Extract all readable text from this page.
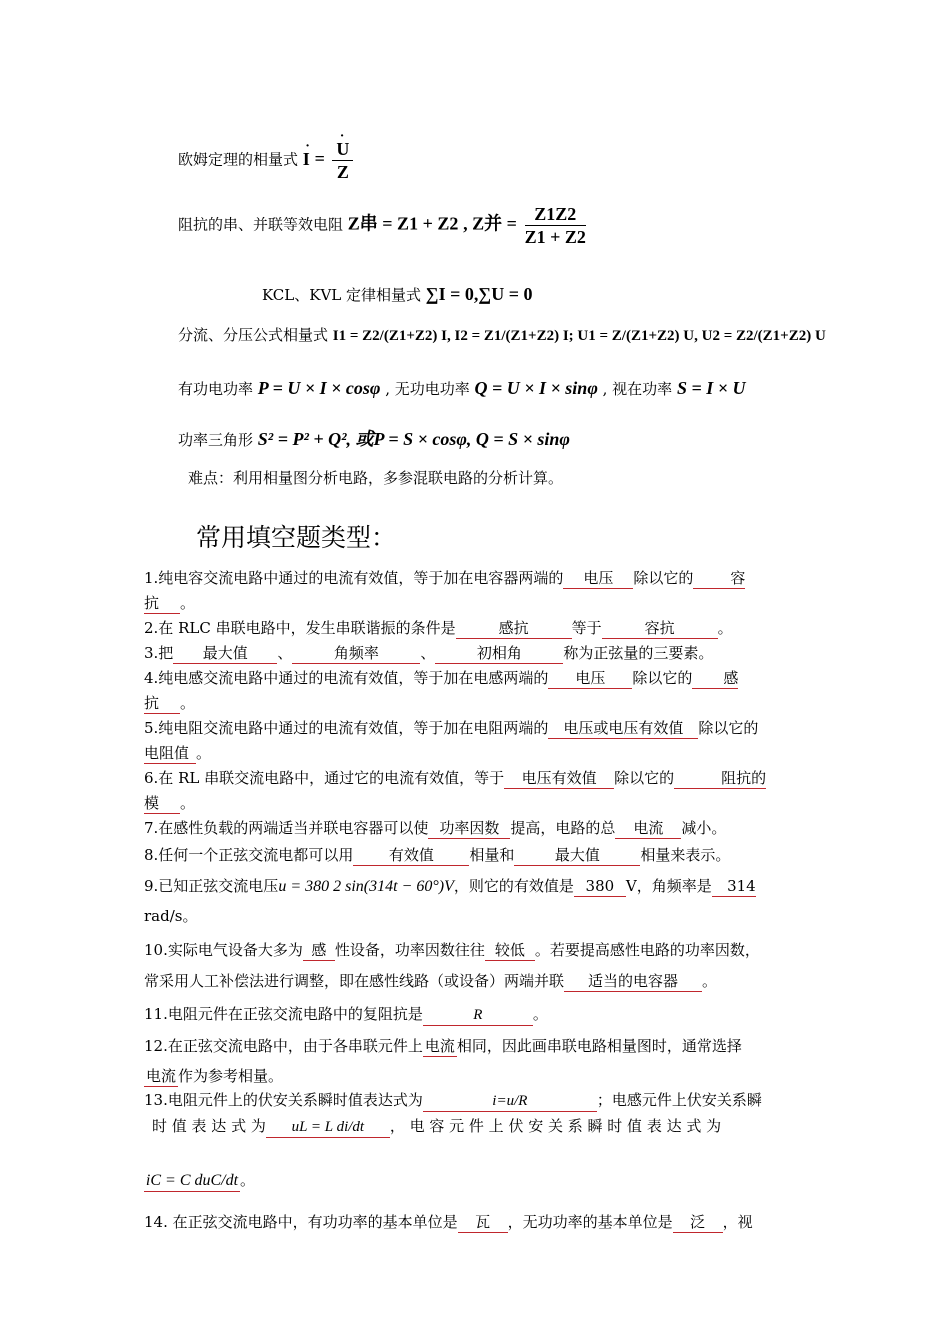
欧姆定理的相量式 I · = $\frac{U \cdot}{Z}$
阻抗的串、并联等效电阻 Z串 = Z1 + Z2 , Z并 = $\frac{Z1Z2}{Z1 + Z2}$
KCL、KVL 定律相量式 ∑I = 0,∑U = 0
分流、分压公式相量式 I1 = Z2/(Z1+Z2) I, I2 = Z1/(Z1+Z2) I; U1 = Z/(Z1+Z2) U, U2 = Z2/(Z1+Z2) U
有功电功率 P = U × I × cosφ , 无功电功率 Q = U × I × sinφ , 视在功率 S = I × U
功率三角形 S² = P² + Q², 或P = S × cosφ, Q = S × sinφ
难点：利用相量图分析电路，多参混联电路的分析计算。
常用填空题类型：
1.纯电容交流电路中通过的电流有效值，等于加在电容器两端的 电压 除以它的 容
抗 。
2.在 RLC 串联电路中，发生串联谐振的条件是	感抗	等于	容抗	。
3.把 最大值 、	角频率	、	初相角	称为正弦量的三要素。
4.纯电感交流电路中通过的电流有效值，等于加在电感两端的 电压 除以它的 感
抗 。
5.纯电阻交流电路中通过的电流有效值，等于加在电阻两端的 电压或电压有效值 除以它的
电阻值 。
6.在 RL 串联交流电路中，通过它的电流有效值，等于 电压有效值 除以它的	阻抗的
模 。
7.在感性负载的两端适当并联电容器可以使 功率因数 提高，电路的总 电流 减小。
8.任何一个正弦交流电都可以用 有效值 相量和	最大值	相量来表示。
9.已知正弦交流电压u = 380 2 sin(314t − 60°)V，则它的有效值是 380 V，角频率是 314
rad/s。
10.实际电气设备大多为 感 性设备，功率因数往往 较低 。若要提高感性电路的功率因数，
常采用人工补偿法进行调整，即在感性线路（或设备）两端并联 适当的电容器 。
11.电阻元件在正弦交流电路中的复阻抗是	R	。
12.在正弦交流电路中，由于各串联元件上 电流 相同，因此画串联电路相量图时，通常选择
电流 作为参考相量。
13.电阻元件上的伏安关系瞬时值表达式为	i=u/R	；电感元件上伏安关系瞬
时 值 表 达 式 为 uL = L di/dt ， 电 容 元 件 上 伏 安 关 系 瞬 时 值 表 达 式 为
iC = C duC/dt 。
14. 在正弦交流电路中，有功功率的基本单位是 瓦 ，无功功率的基本单位是 泛 ，视
